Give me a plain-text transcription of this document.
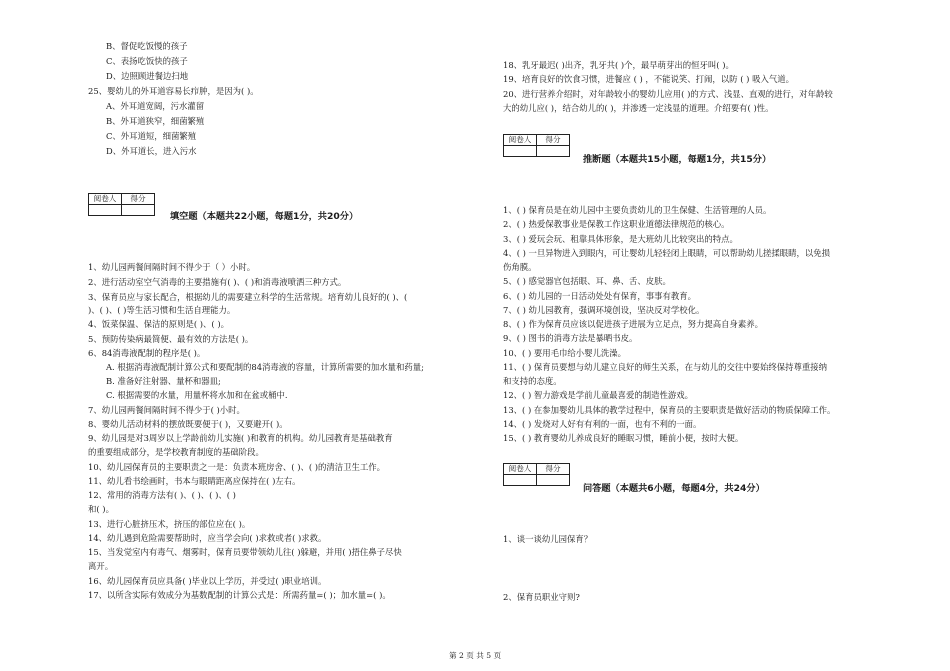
B、督促吃饭慢的孩子
C、表扬吃饭快的孩子
D、边照顾进餐边扫地
25、婴幼儿的外耳道容易长疖肿，是因为( )。
A、外耳道宽阔，污水灌留
B、外耳道狭窄，细菌繁殖
C、外耳道短，细菌繁殖
D、外耳道长，进入污水
阅卷人	得分

填空题（本题共22小题，每题1分，共20分）
1、幼儿园两餐间隔时间不得少于（ ）小时。
2、进行活动室空气消毒的主要措施有( )、( )和消毒液喷洒三种方式。
3、保育员应与家长配合，根据幼儿的需要建立科学的生活常规。培育幼儿良好的( )、(
)、( )、( )等生活习惯和生活自理能力。
4、饭菜保温、保洁的原则是( )、( )。
5、预防传染病最简便、最有效的方法是( )。
6、84消毒液配制的程序是( )。
A. 根据消毒液配制计算公式和要配制的84消毒液的容量，计算所需要的加水量和药量;
B. 准备好注射器、量杯和器皿;
C. 根据需要的水量，用量杯将水加和在盆或桶中.
7、幼儿园两餐间隔时间不得少于( )小时。
8、婴幼儿活动材料的摆放既要便于( )，又要避开( )。
9、幼儿园是对3周岁以上学龄前幼儿实施( )和教育的机构。幼儿园教育是基础教育
的重要组成部分，是学校教育制度的基础阶段。
10、幼儿园保育员的主要职责之一是：负责本班房舍、( )、( )的清洁卫生工作。
11、幼儿看书绘画时，书本与眼睛距离应保持在( )左右。
12、常用的消毒方法有( )、( )、( )、( )
和( )。
13、进行心脏挤压术，挤压的部位应在( )。
14、幼儿遇到危险需要帮助时，应当学会向( )求救或者( )求救。
15、当发觉室内有毒气、烟雾时，保育员要带领幼儿往( )躲避，并用( )捂住鼻子尽快
离开。
16、幼儿园保育员应具备( )毕业以上学历，并受过( )职业培训。
17、以所含实际有效成分为基数配制的计算公式是：所需药量=( )；加水量=( )。
18、乳牙最迟( )出齐，乳牙共( )个，最早萌芽出的恒牙叫( )。
19、培育良好的饮食习惯，进餐应 ( ) ，不能说笑、打闹，以防 ( ) 吸入气道。
20、进行营养介绍时，对年龄较小的婴幼儿应用( )的方式、浅显、直观的进行，对年龄较
大的幼儿应( )，结合幼儿的( )，并渗透一定浅显的道理。介绍要有( )性。
阅卷人	得分

推断题（本题共15小题，每题1分，共15分）
1、( ) 保育员是在幼儿园中主要负责幼儿的卫生保健、生活管理的人员。
2、( ) 热爱保教事业是保教工作这职业道德法律规范的核心。
3、( ) 爱玩会玩、租靠具体形象，是大班幼儿比较突出的特点。
4、( ) 一旦异物进入到眼内，可让婴幼儿轻轻闭上眼睛，可以帮助幼儿搓揉眼睛，以免损
伤角膜。
5、( ) 感觉器官包括眼、耳、鼻、舌、皮肤。
6、( ) 幼儿园的一日活动处处有保育，事事有教育。
7、( ) 幼儿园教育，强调环境创设，坚决反对学校化。
8、( ) 作为保育员应该以促进孩子进展为立足点，努力提高自身素养。
9、( ) 图书的消毒方法是暴晒书皮。
10、( ) 要用毛巾给小婴儿洗澡。
11、( ) 保育员要想与幼儿建立良好的师生关系，在与幼儿的交往中要始终保持尊重接纳
和支持的态度。
12、( ) 智力游戏是学前儿童最喜爱的制造性游戏。
13、( ) 在参加婴幼儿具体的教学过程中，保育员的主要职责是做好活动的物质保障工作。
14、( ) 发烧对人好有有利的一面，也有不利的一面。
15、( ) 教育婴幼儿养成良好的睡眠习惯，睡前小便，按时大便。
阅卷人	得分

问答题（本题共6小题，每题4分，共24分）
1、谈一谈幼儿园保育？
2、保育员职业守则?
第 2 页 共 5 页
